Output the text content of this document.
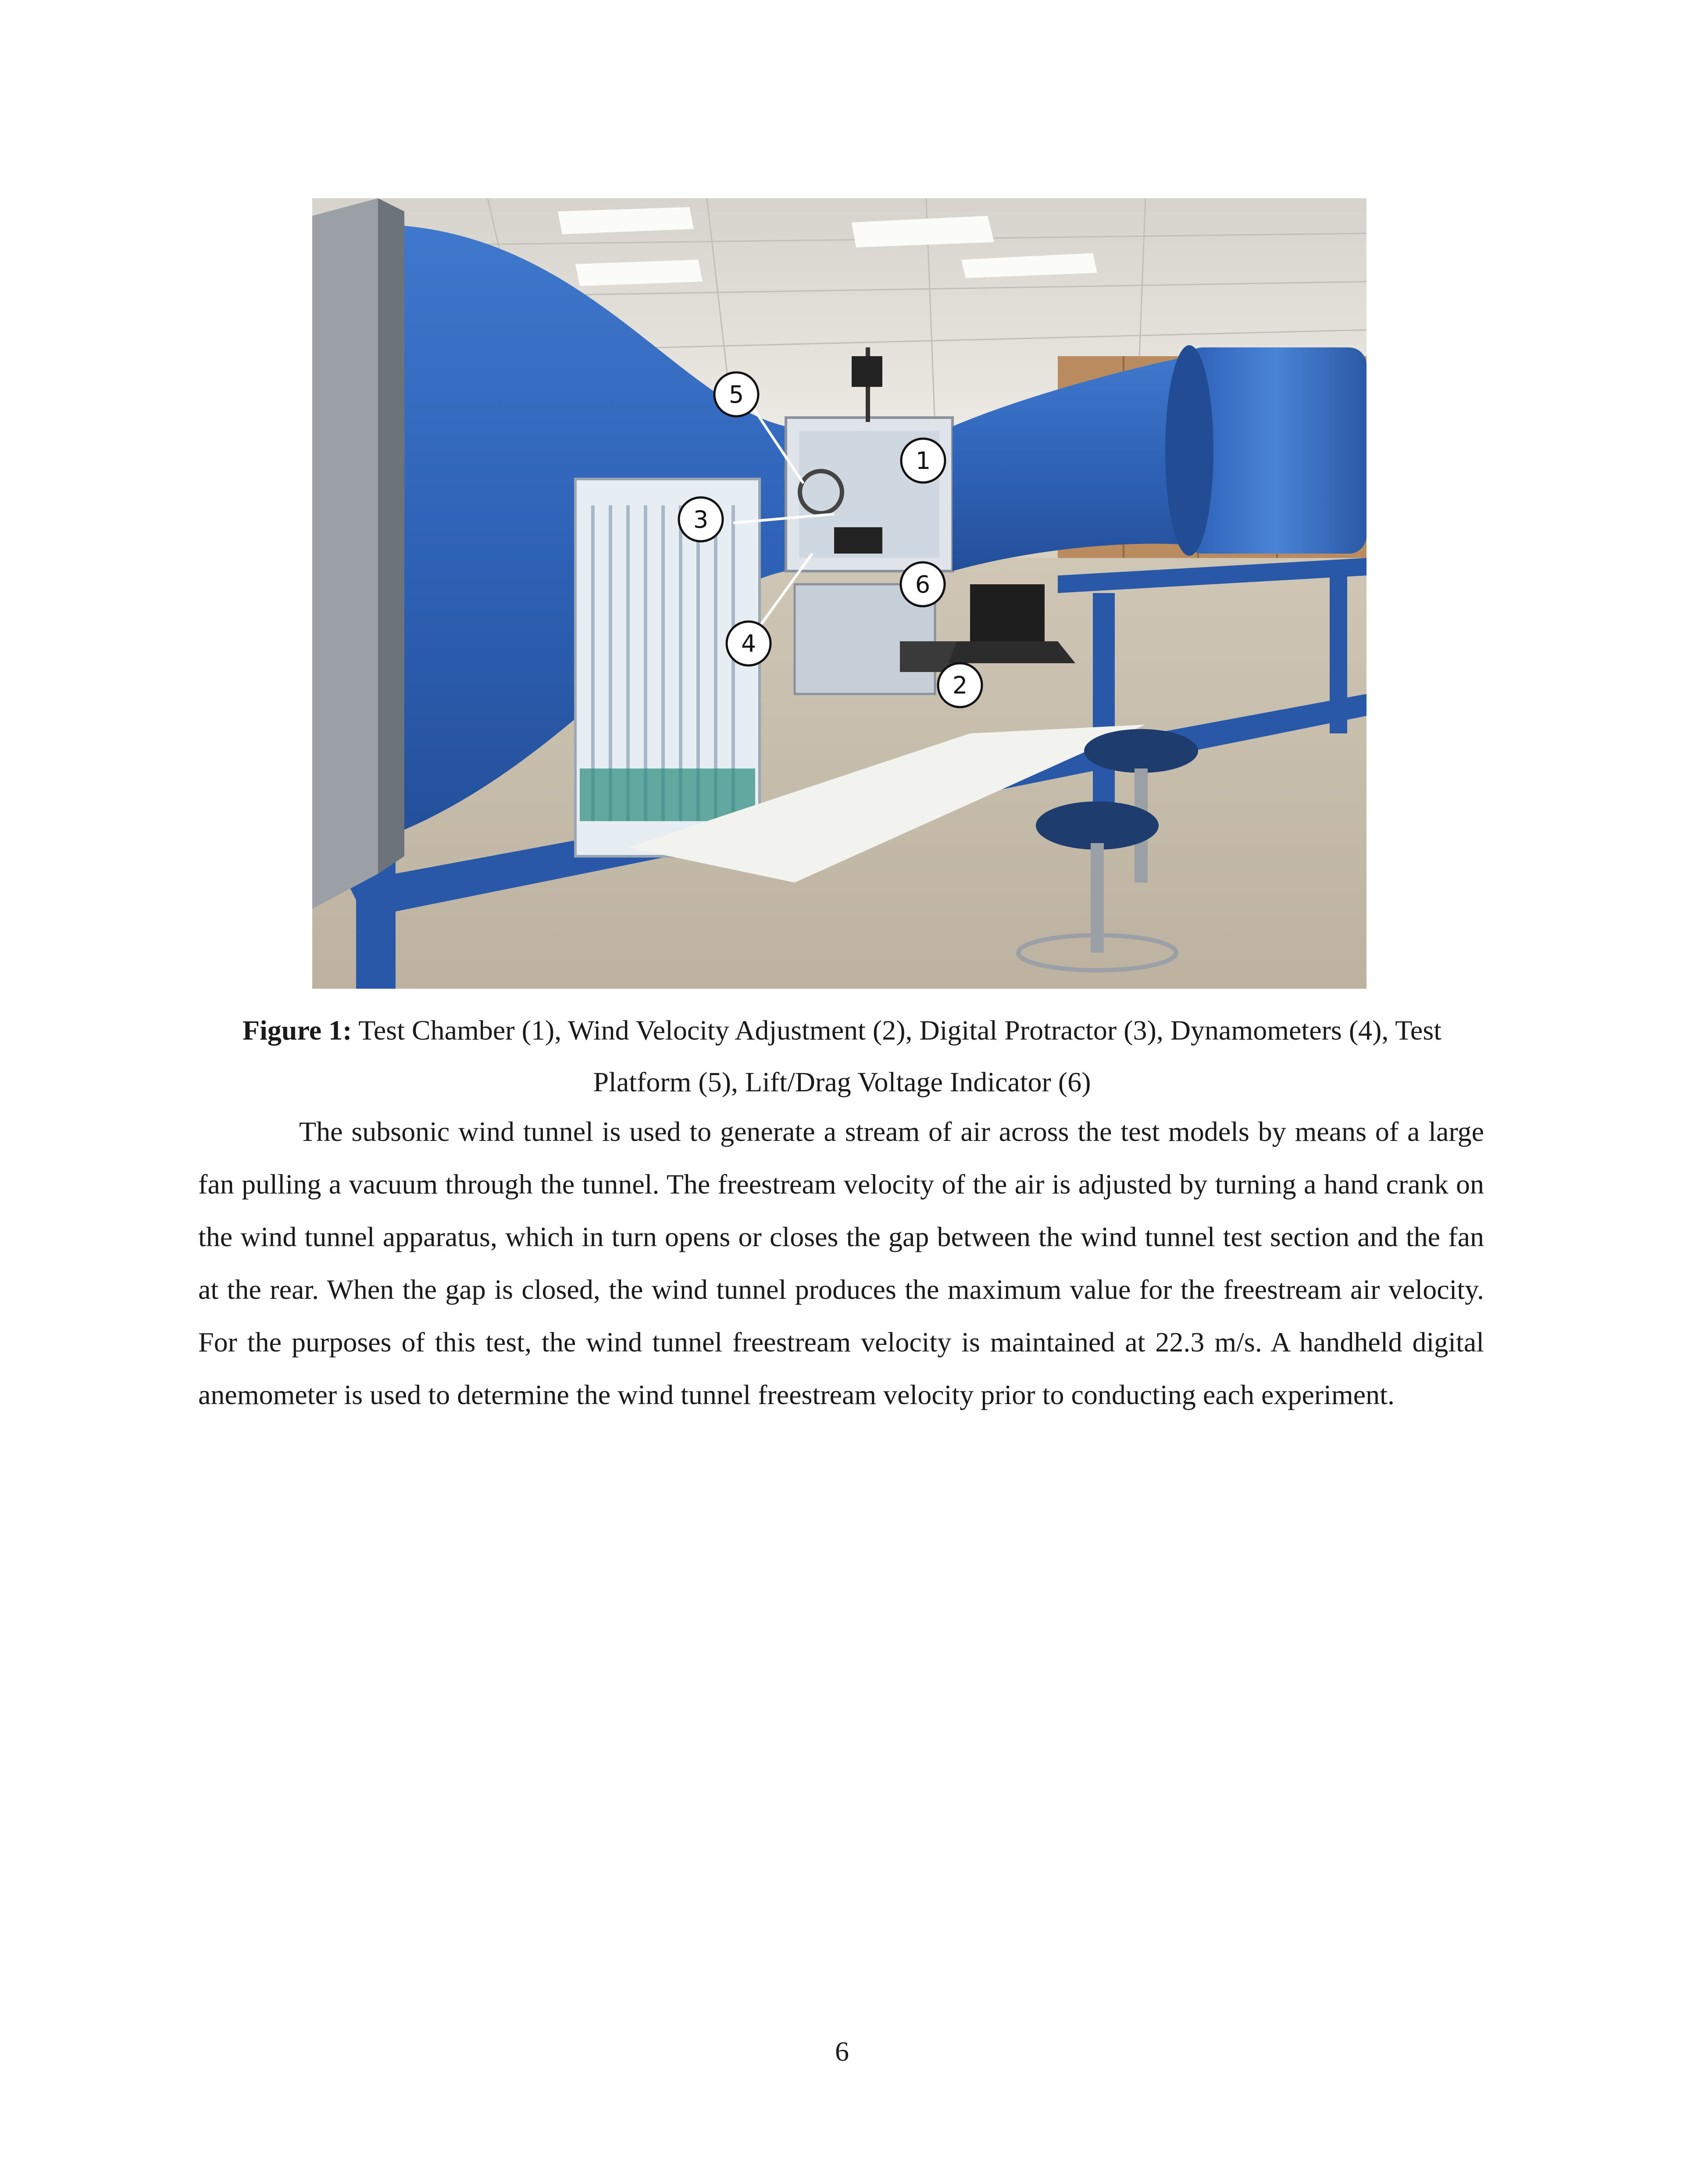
5
1
3
6
4
2
Figure 1: Test Chamber (1), Wind Velocity Adjustment (2), Digital Protractor (3), Dynamometers (4), Test Platform (5), Lift/Drag Voltage Indicator (6)

The subsonic wind tunnel is used to generate a stream of air across the test models by means of a large fan pulling a vacuum through the tunnel. The freestream velocity of the air is adjusted by turning a hand crank on the wind tunnel apparatus, which in turn opens or closes the gap between the wind tunnel test section and the fan at the rear. When the gap is closed, the wind tunnel produces the maximum value for the freestream air velocity. For the purposes of this test, the wind tunnel freestream velocity is maintained at 22.3 m/s. A handheld digital anemometer is used to determine the wind tunnel freestream velocity prior to conducting each experiment.

6
